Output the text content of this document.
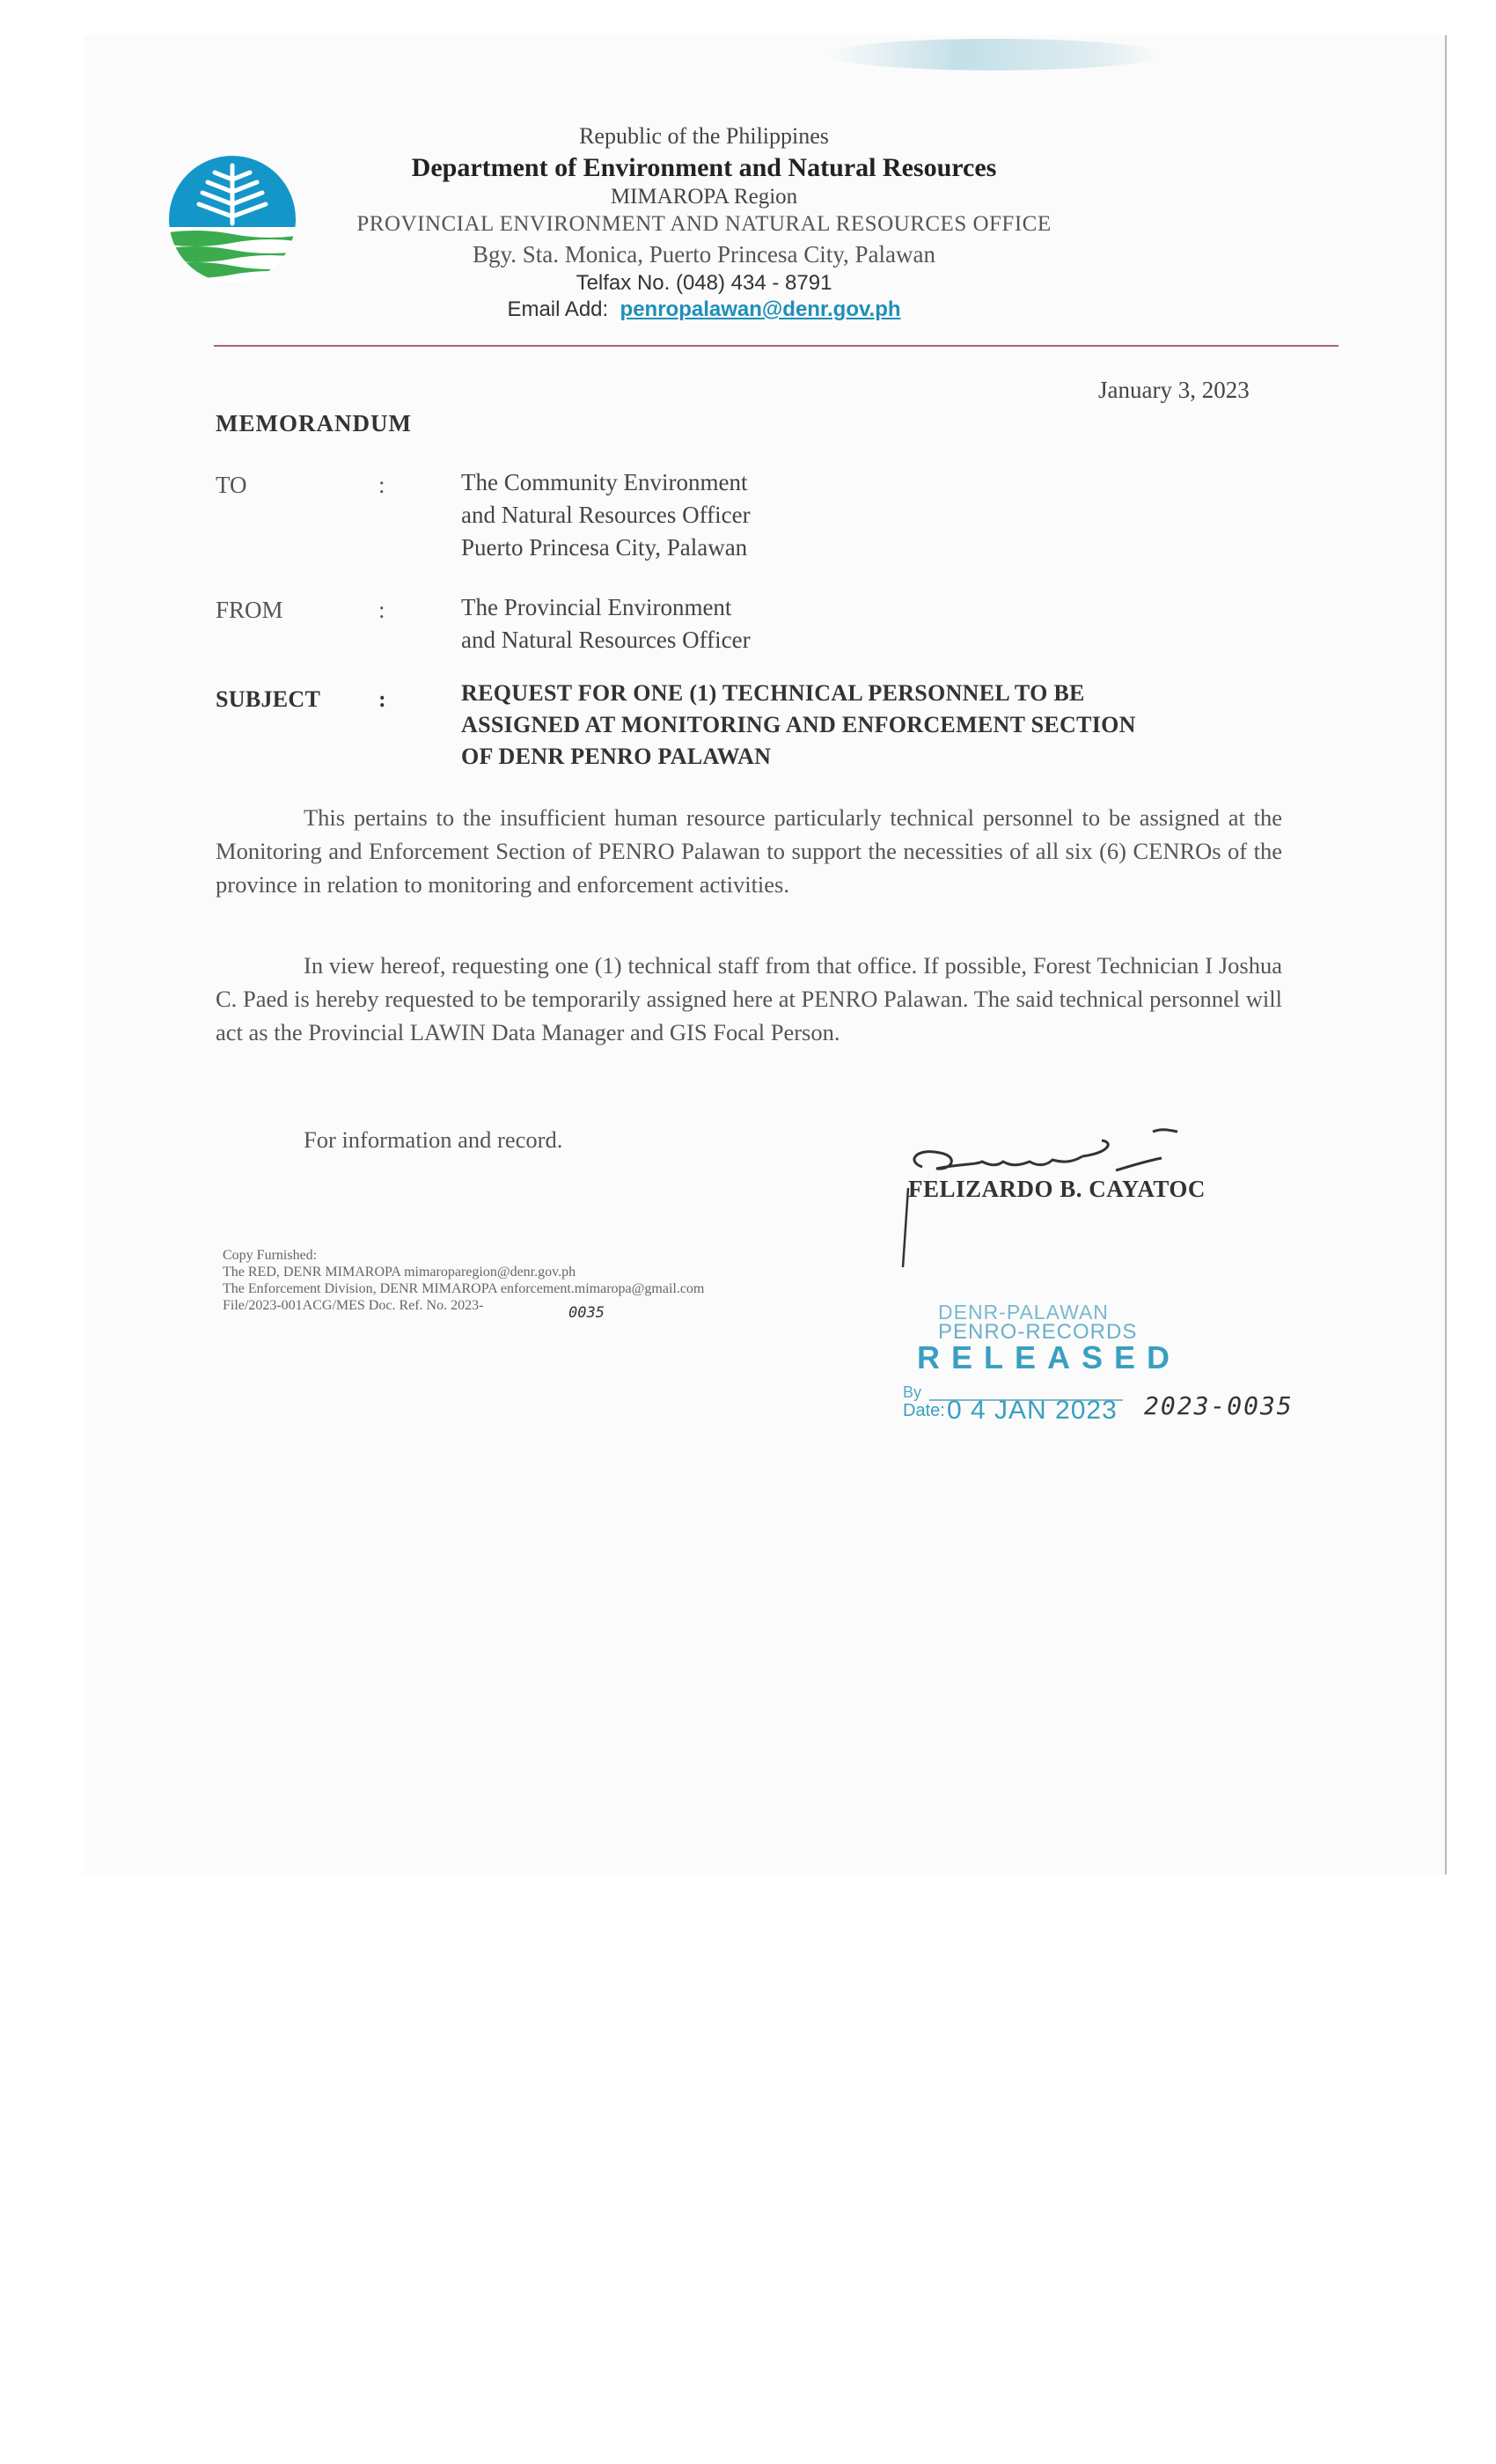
Republic of the Philippines
Department of Environment and Natural Resources
MIMAROPA Region
PROVINCIAL ENVIRONMENT AND NATURAL RESOURCES OFFICE
Bgy. Sta. Monica, Puerto Princesa City, Palawan
Telfax No. (048) 434 - 8791
Email Add: penropalawan@denr.gov.ph
January 3, 2023
MEMORANDUM
TO	:	The Community Environment
and Natural Resources Officer
Puerto Princesa City, Palawan
FROM	:	The Provincial Environment
and Natural Resources Officer
SUBJECT	:	REQUEST FOR ONE (1) TECHNICAL PERSONNEL TO BE
ASSIGNED AT MONITORING AND ENFORCEMENT SECTION
OF DENR PENRO PALAWAN
This pertains to the insufficient human resource particularly technical personnel to be assigned at the Monitoring and Enforcement Section of PENRO Palawan to support the necessities of all six (6) CENROs of the province in relation to monitoring and enforcement activities.
In view hereof, requesting one (1) technical staff from that office. If possible, Forest Technician I Joshua C. Paed is hereby requested to be temporarily assigned here at PENRO Palawan. The said technical personnel will act as the Provincial LAWIN Data Manager and GIS Focal Person.
For information and record.
FELIZARDO B. CAYATOC
Copy Furnished:
The RED, DENR MIMAROPA mimaroparegion@denr.gov.ph
The Enforcement Division, DENR MIMAROPA enforcement.mimaropa@gmail.com
File/2023-001ACG/MES Doc. Ref. No. 2023-	0035	DENR-PALAWAN
PENRO-RECORDS
RELEASED
By
Date: 0 4 JAN 2023 2023-0035
